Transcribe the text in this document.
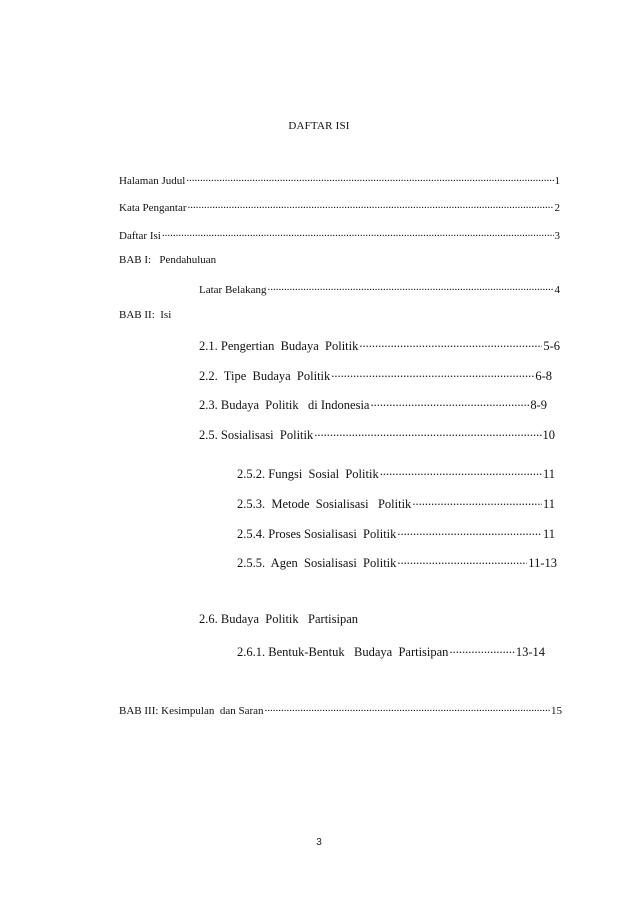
DAFTAR ISI
Halaman Judul .....	1
Kata Pengantar .....	2
Daftar Isi .....	3
BAB I:   Pendahuluan
Latar Belakang .....	4
BAB II:  Isi
2.1. Pengertian  Budaya  Politik .....	5-6
2.2.  Tipe  Budaya  Politik .....	6-8
2.3. Budaya  Politik   di Indonesia .....	8-9
2.5. Sosialisasi  Politik .....	10
2.5.2. Fungsi  Sosial  Politik .....	11
2.5.3.  Metode  Sosialisasi   Politik .....	11
2.5.4. Proses Sosialisasi  Politik .....	11
2.5.5.  Agen  Sosialisasi  Politik .....	11-13
2.6. Budaya  Politik   Partisipan
2.6.1. Bentuk-Bentuk   Budaya  Partisipan .....	13-14
BAB III: Kesimpulan  dan Saran .....	15
3
